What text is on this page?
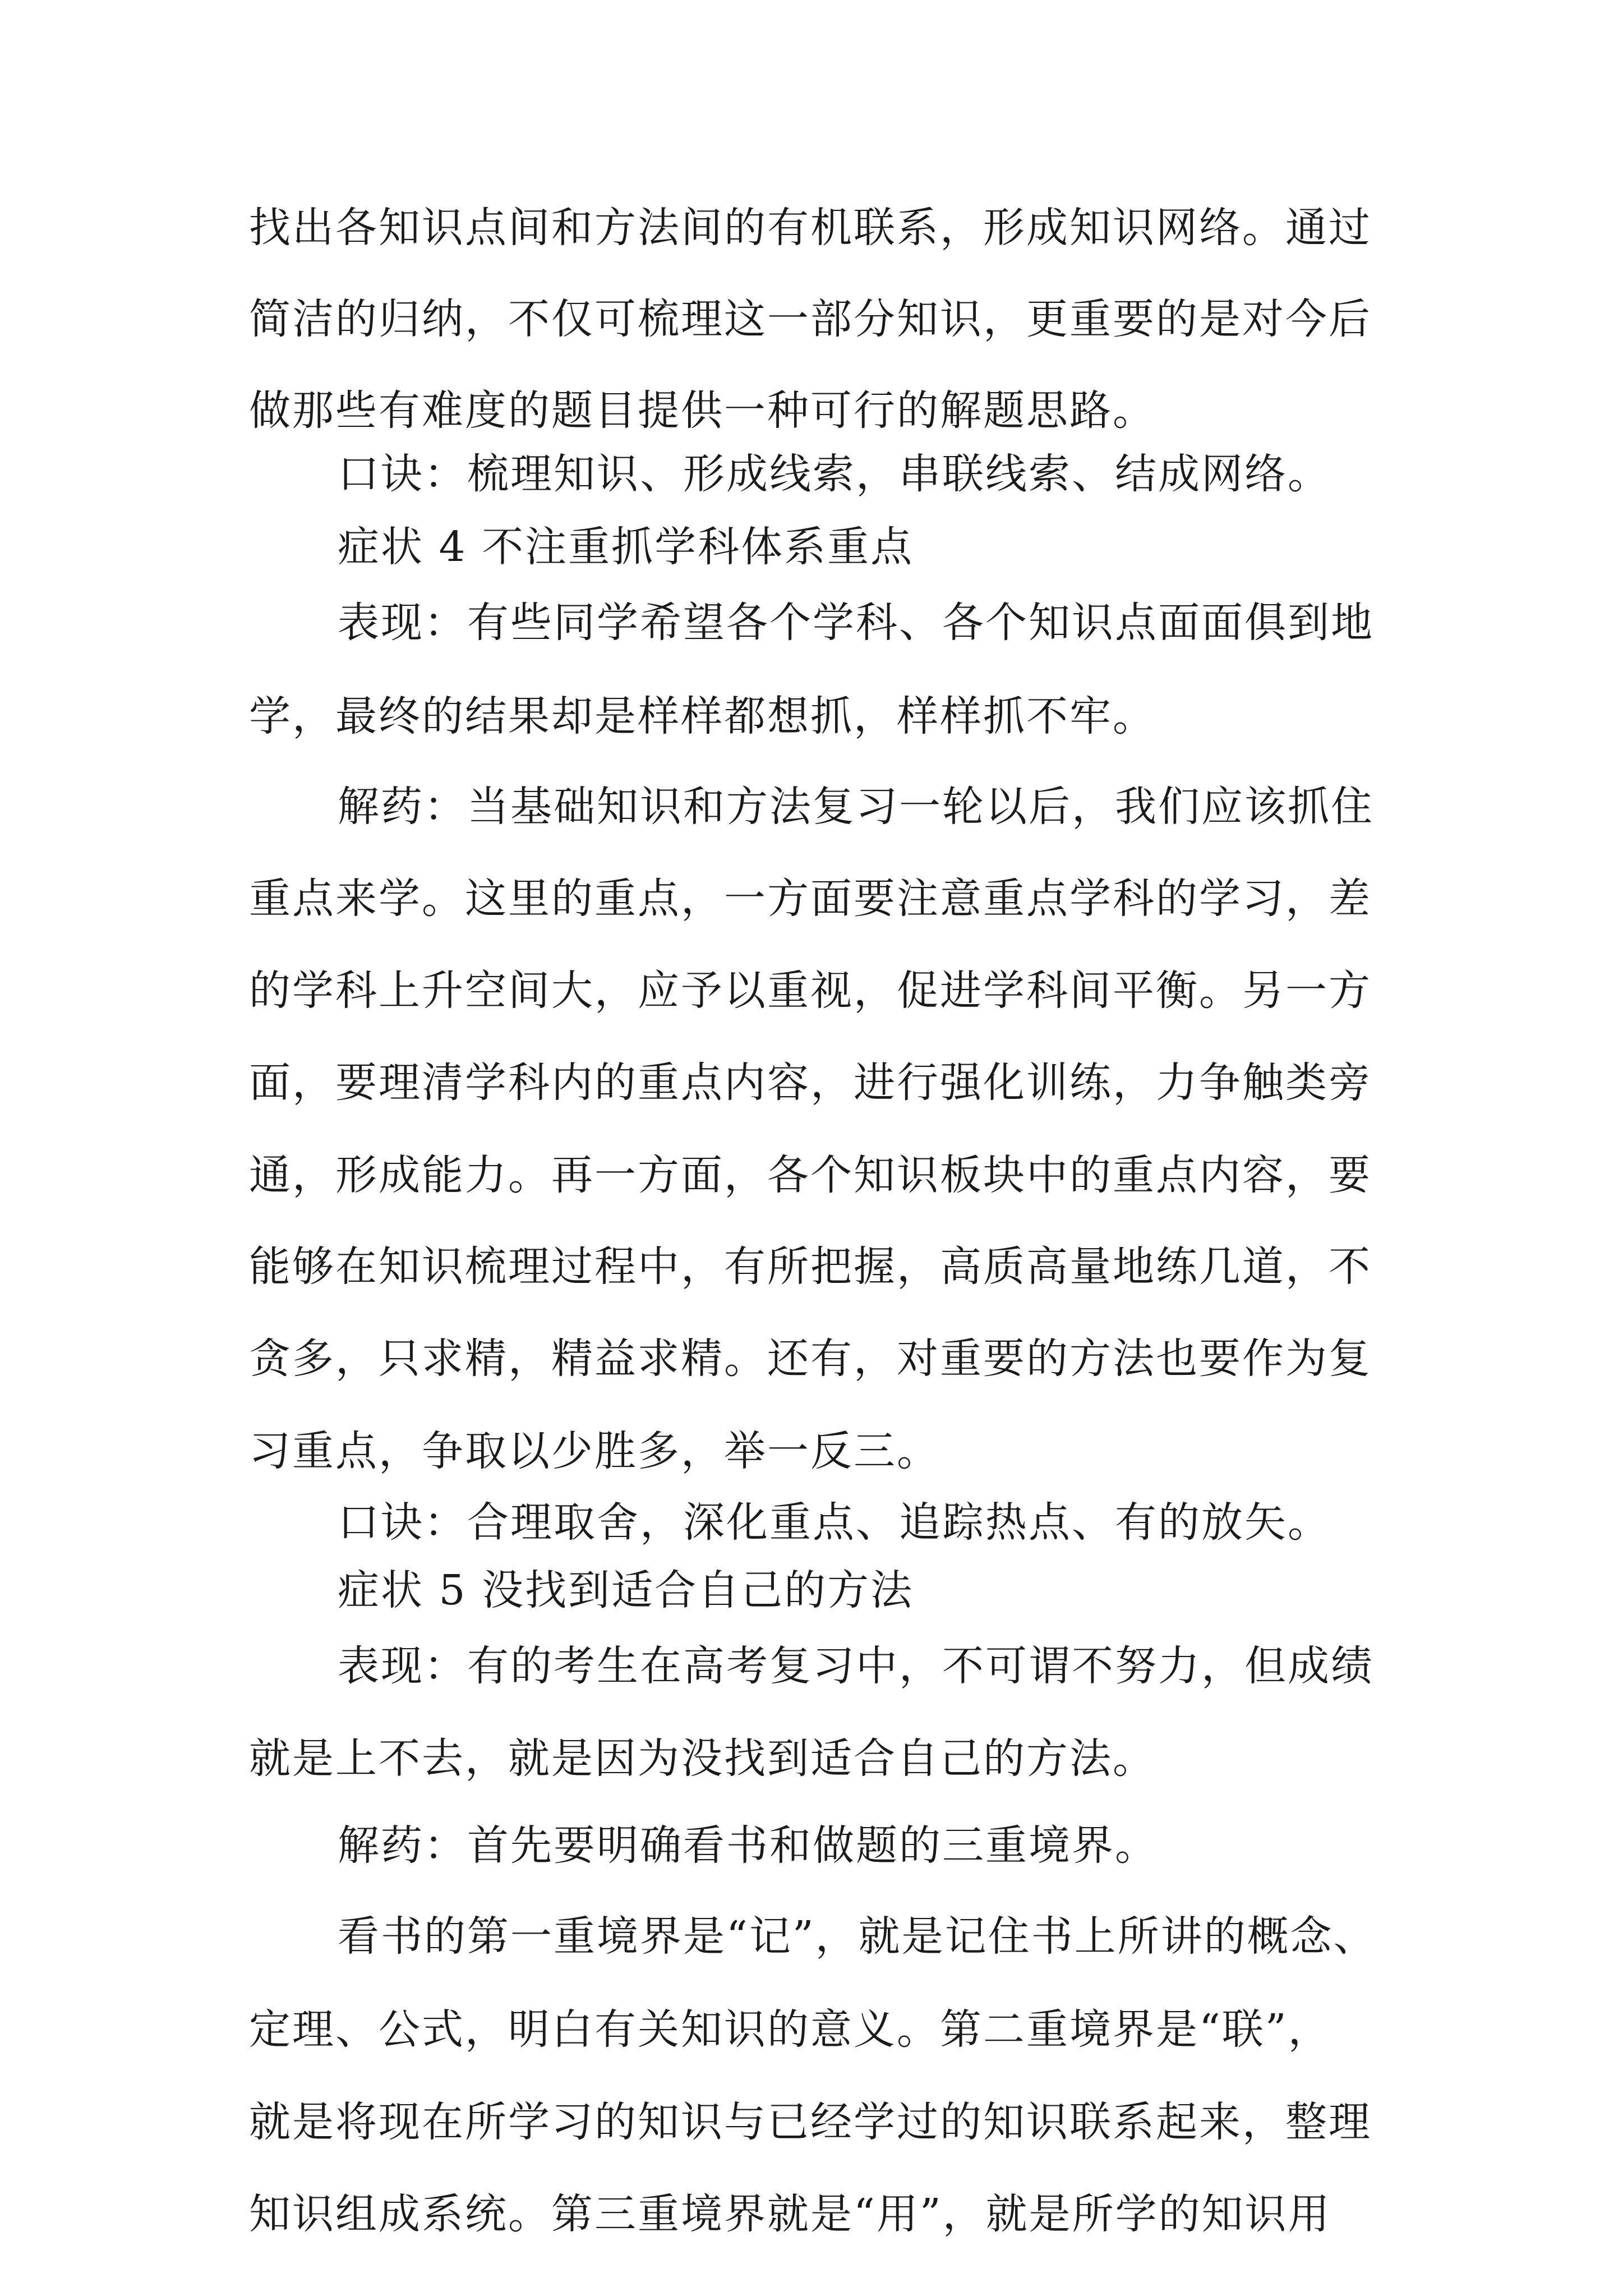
找出各知识点间和方法间的有机联系，形成知识网络。通过
简洁的归纳，不仅可梳理这一部分知识，更重要的是对今后
做那些有难度的题目提供一种可行的解题思路。
口诀：梳理知识、形成线索，串联线索、结成网络。
症状 4 不注重抓学科体系重点
表现：有些同学希望各个学科、各个知识点面面俱到地
学，最终的结果却是样样都想抓，样样抓不牢。
解药：当基础知识和方法复习一轮以后，我们应该抓住
重点来学。这里的重点，一方面要注意重点学科的学习，差
的学科上升空间大，应予以重视，促进学科间平衡。另一方
面，要理清学科内的重点内容，进行强化训练，力争触类旁
通，形成能力。再一方面，各个知识板块中的重点内容，要
能够在知识梳理过程中，有所把握，高质高量地练几道，不
贪多，只求精，精益求精。还有，对重要的方法也要作为复
习重点，争取以少胜多，举一反三。
口诀：合理取舍，深化重点、追踪热点、有的放矢。
症状 5 没找到适合自己的方法
表现：有的考生在高考复习中，不可谓不努力，但成绩
就是上不去，就是因为没找到适合自己的方法。
解药：首先要明确看书和做题的三重境界。
看书的第一重境界是“记”，就是记住书上所讲的概念、
定理、公式，明白有关知识的意义。第二重境界是“联”，
就是将现在所学习的知识与已经学过的知识联系起来，整理
知识组成系统。第三重境界就是“用”，就是所学的知识用
